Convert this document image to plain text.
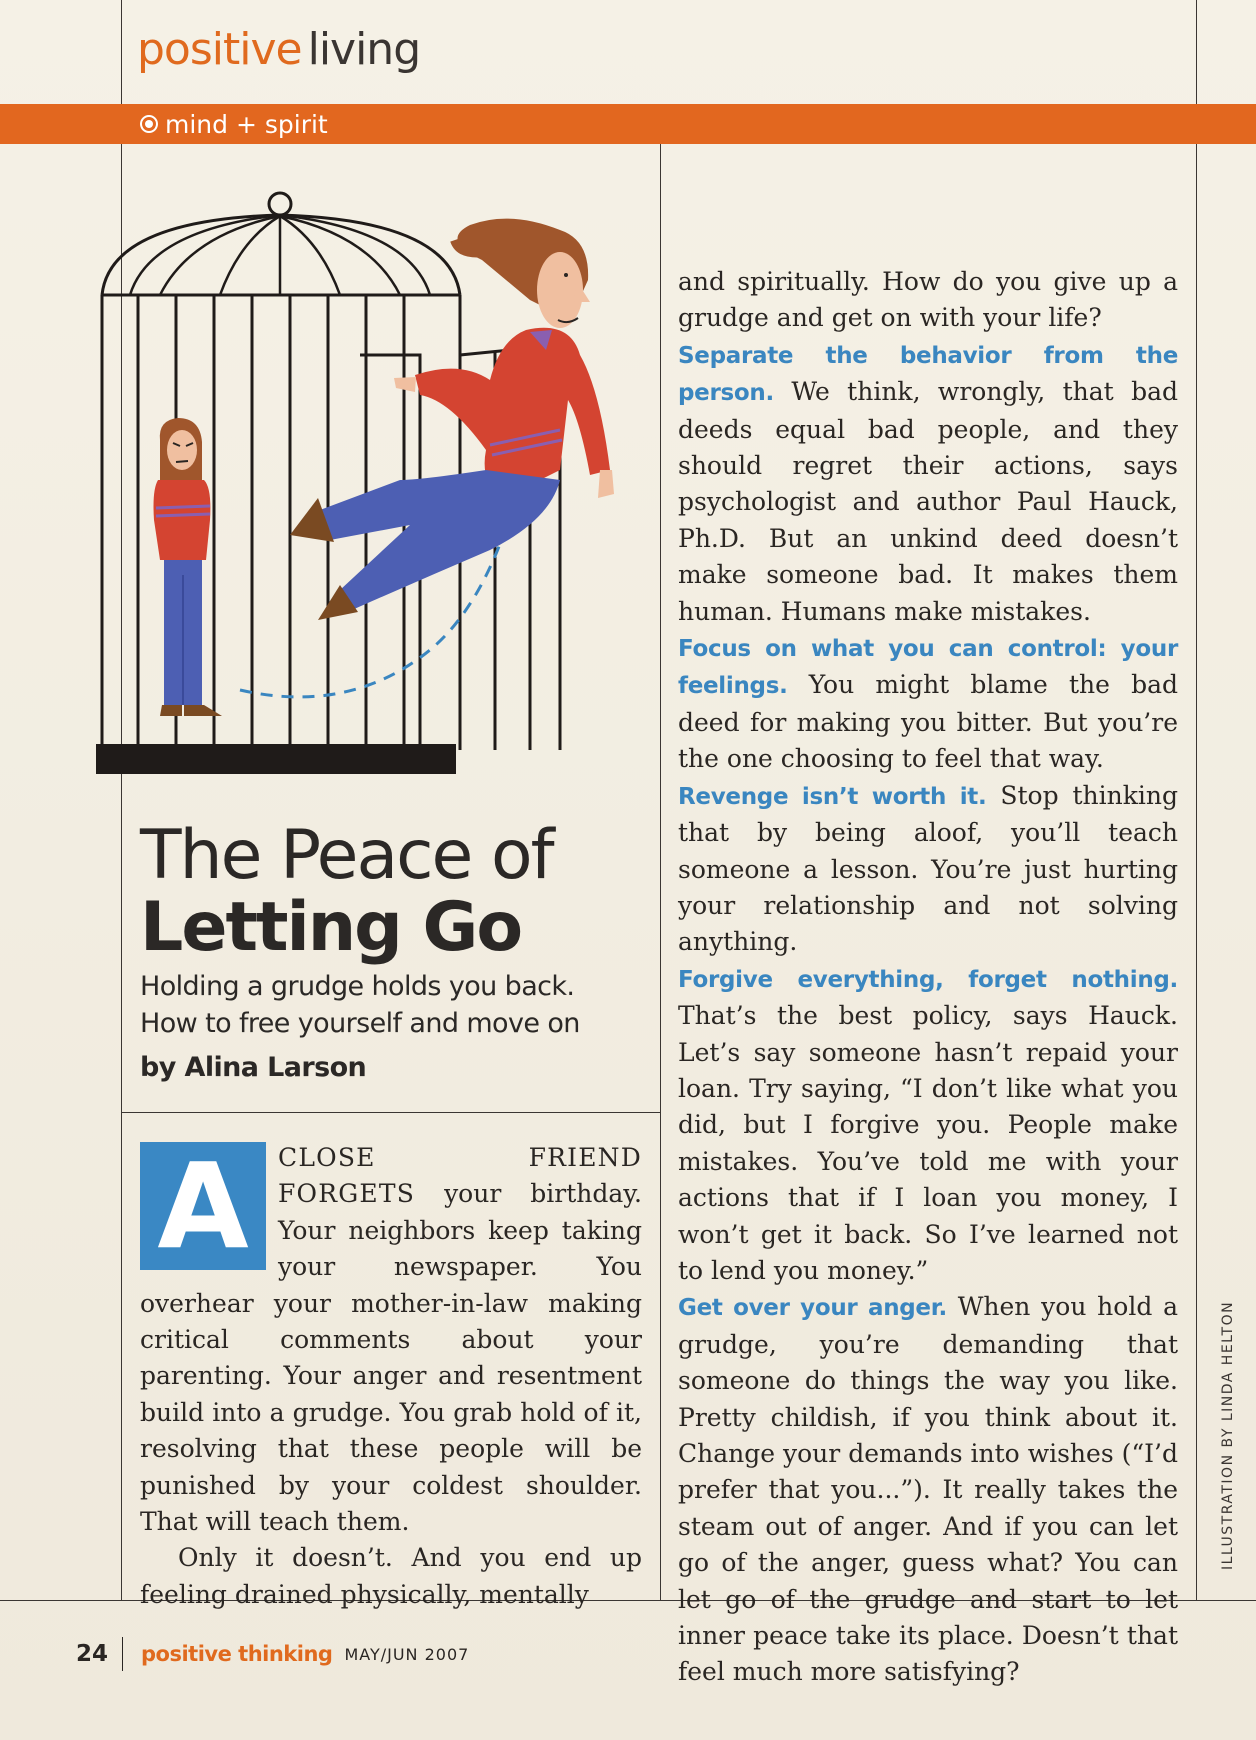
positive living
mind + spirit
The Peace of
Letting Go
Holding a grudge holds you back.
How to free yourself and move on
by Alina Larson

A	CLOSE FRIEND FORGETS your birthday. Your neighbors keep taking your newspaper. You overhear your mother-in-law making critical comments about your parenting. Your anger and resentment build into a grudge. You grab hold of it, resolving that these people will be punished by your coldest shoulder. That will teach them.

Only it doesn’t. And you end up feeling drained physically, mentally

and spiritually. How do you give up a grudge and get on with your life?

Separate the behavior from the person. We think, wrongly, that bad deeds equal bad people, and they should regret their actions, says psychologist and author Paul Hauck, Ph.D. But an unkind deed doesn’t make someone bad. It makes them human. Humans make mistakes.

Focus on what you can control: your feelings. You might blame the bad deed for making you bitter. But you’re the one choosing to feel that way.

Revenge isn’t worth it. Stop thinking that by being aloof, you’ll teach someone a lesson. You’re just hurting your relationship and not solving anything.

Forgive everything, forget nothing. That’s the best policy, says Hauck. Let’s say someone hasn’t repaid your loan. Try saying, “I don’t like what you did, but I forgive you. People make mistakes. You’ve told me with your actions that if I loan you money, I won’t get it back. So I’ve learned not to lend you money.”

Get over your anger. When you hold a grudge, you’re demanding that someone do things the way you like. Pretty childish, if you think about it. Change your demands into wishes (“I’d prefer that you...”). It really takes the steam out of anger. And if you can let go of the anger, guess what? You can let go of the grudge and start to let inner peace take its place. Doesn’t that feel much more satisfying?

ILLUSTRATION BY LINDA HELTON
24 positive thinking MAY/JUN 2007
